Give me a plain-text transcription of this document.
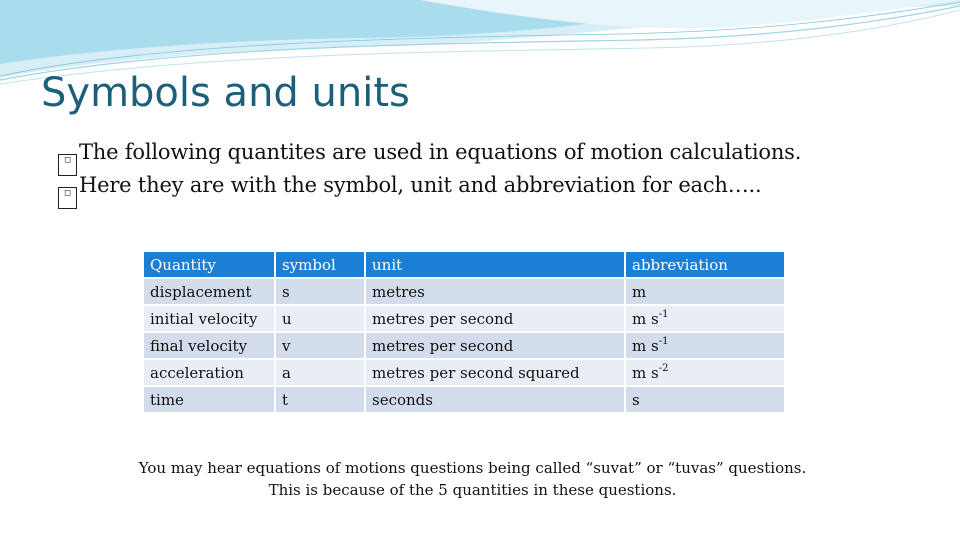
Symbols and units
□ The following quantites are used in equations of motion calculations.
□ Here they are with the symbol, unit and abbreviation for each…..
Quantity	symbol	unit	abbreviation
displacement	s	metres	m
initial velocity	u	metres per second	m $s^{-1}$
final velocity	v	metres per second	m $s^{-1}$
acceleration	a	metres per second squared	m $s^{-2}$
time	t	seconds	s
You may hear equations of motions questions being called “suvat” or “tuvas” questions.
This is because of the 5 quantities in these questions.
